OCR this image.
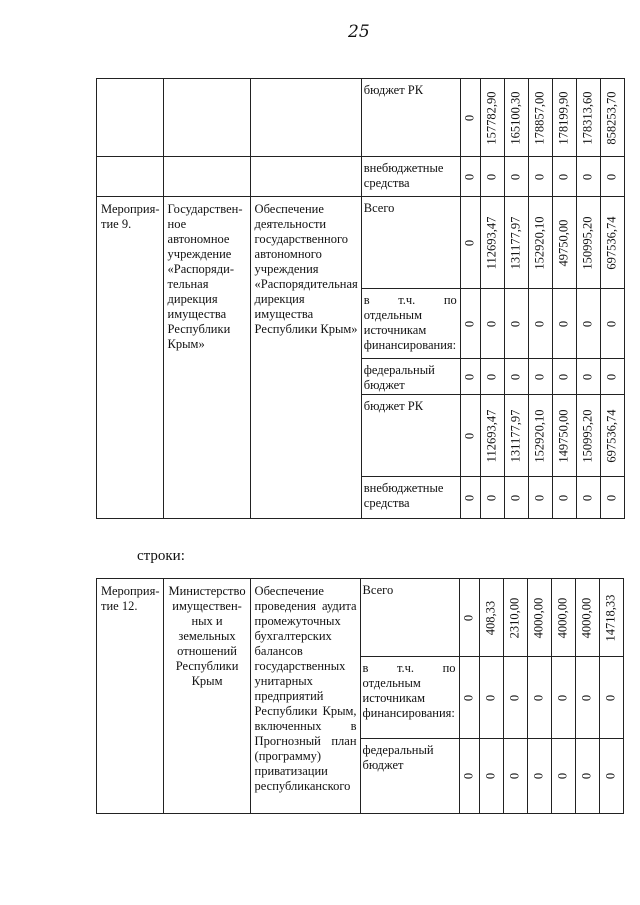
25
			бюджет РК	0	157782,90	165100,30	178857,00	178199,90	178313,60	858253,70

			внебюджетные средства	0	0	0	0	0	0	0

Мероприя-тие 9.	Государствен-ное автономное учреждение «Распоряди-тельная дирекция имущества Республики Крым»	Обеспечение деятельности государственного автономного учреждения «Распорядительная дирекция имущества Республики Крым»	Всего	0	112693,47	131177,97	152920,10	49750,00	150995,20	697536,74

			в т.ч. по отдельным источникам финансирования:	0	0	0	0	0	0	0

			федеральный бюджет	0	0	0	0	0	0	0

			бюджет РК	0	112693,47	131177,97	152920,10	149750,00	150995,20	697536,74

			внебюджетные средства	0	0	0	0	0	0	0
строки:
Мероприя-тие 12.	Министерство имуществен-ных и земельных отношений Республики Крым	Обеспечение проведения аудита промежуточных бухгалтерских балансов государственных унитарных предприятий Республики Крым, включенных в Прогнозный план (программу) приватизации республиканского	Всего	0	408,33	2310,00	4000,00	4000,00	4000,00	14718,33

			в т.ч. по отдельным источникам финансирования:	0	0	0	0	0	0	0

			федеральный бюджет	0	0	0	0	0	0	0
